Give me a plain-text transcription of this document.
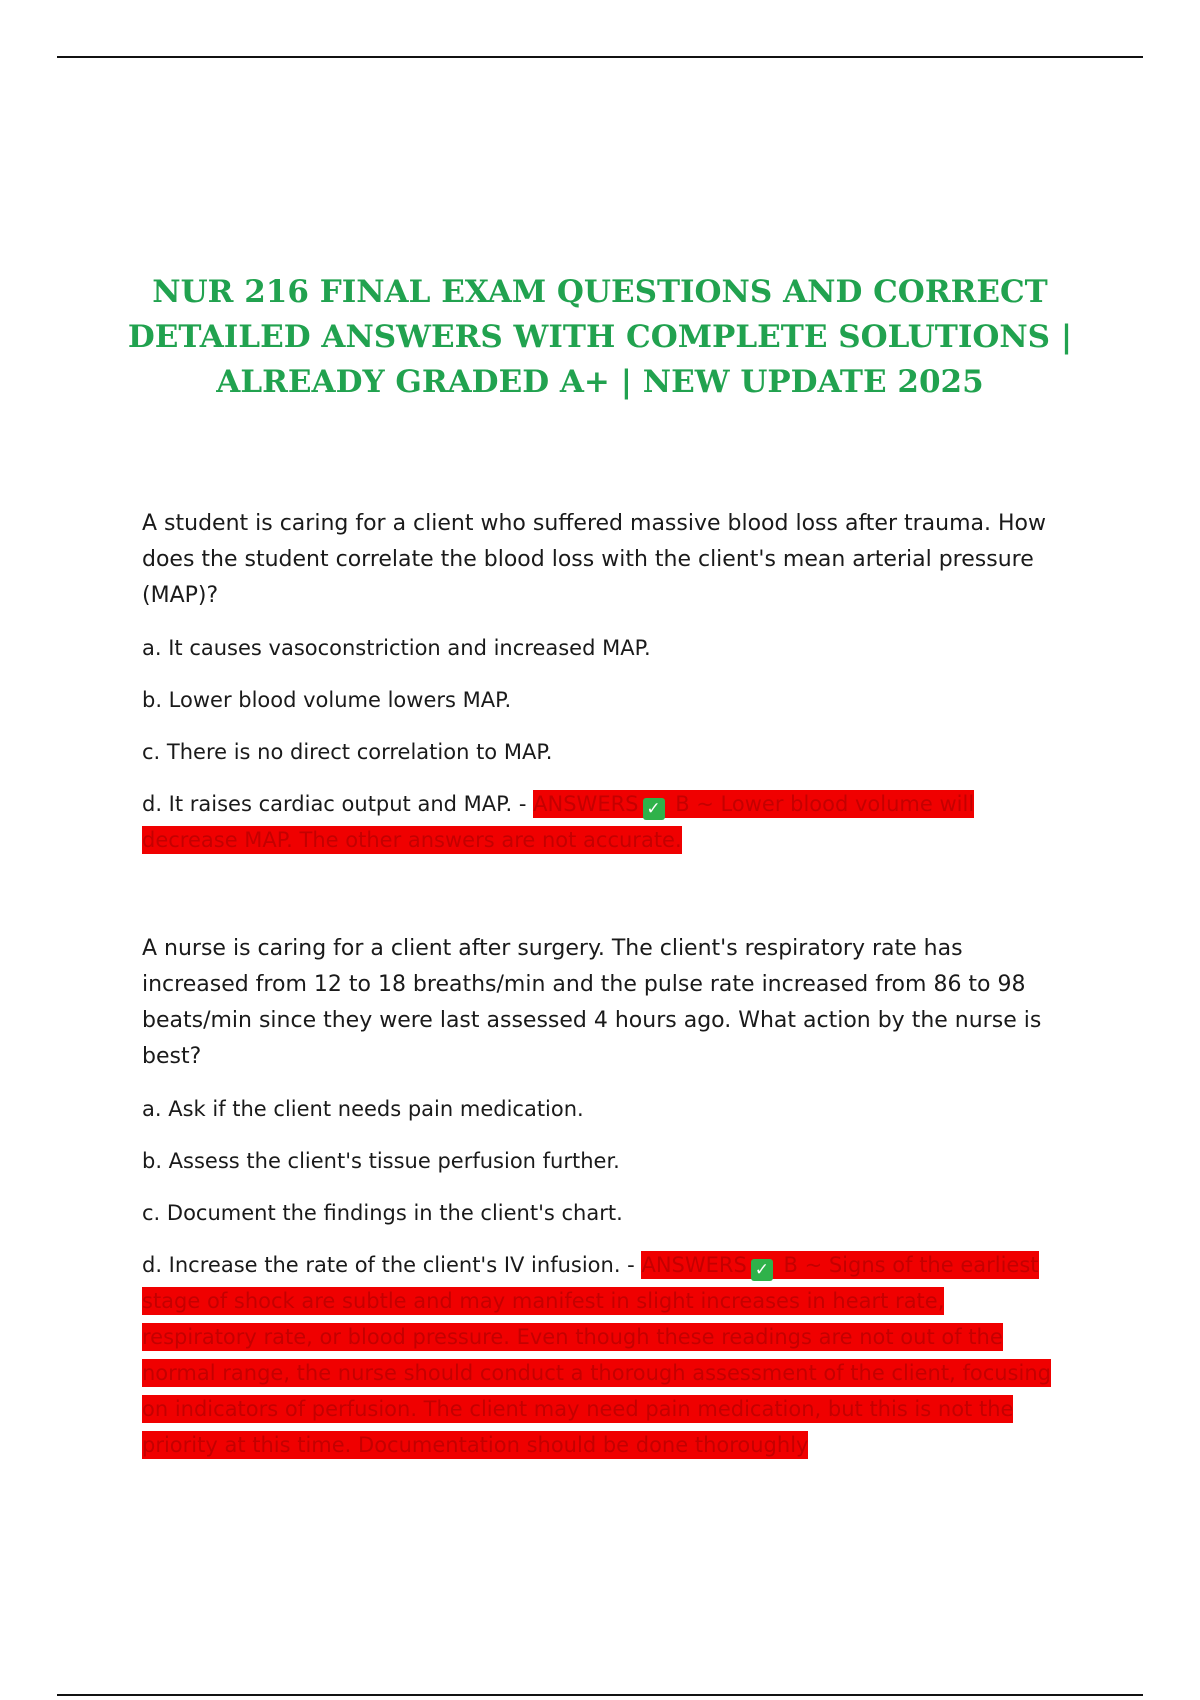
NUR 216 FINAL EXAM QUESTIONS AND CORRECT
DETAILED ANSWERS WITH COMPLETE SOLUTIONS |
ALREADY GRADED A+ | NEW UPDATE 2025

A student is caring for a client who suffered massive blood loss after trauma. How does the student correlate the blood loss with the client's mean arterial pressure (MAP)?

a. It causes vasoconstriction and increased MAP.

b. Lower blood volume lowers MAP.

c. There is no direct correlation to MAP.

d. It raises cardiac output and MAP. - ANSWERS ✓ B ~ Lower blood volume will decrease MAP. The other answers are not accurate.

A nurse is caring for a client after surgery. The client's respiratory rate has increased from 12 to 18 breaths/min and the pulse rate increased from 86 to 98 beats/min since they were last assessed 4 hours ago. What action by the nurse is best?

a. Ask if the client needs pain medication.

b. Assess the client's tissue perfusion further.

c. Document the findings in the client's chart.

d. Increase the rate of the client's IV infusion. - ANSWERS ✓ B ~ Signs of the earliest stage of shock are subtle and may manifest in slight increases in heart rate, respiratory rate, or blood pressure. Even though these readings are not out of the normal range, the nurse should conduct a thorough assessment of the client, focusing on indicators of perfusion. The client may need pain medication, but this is not the priority at this time. Documentation should be done thoroughly
